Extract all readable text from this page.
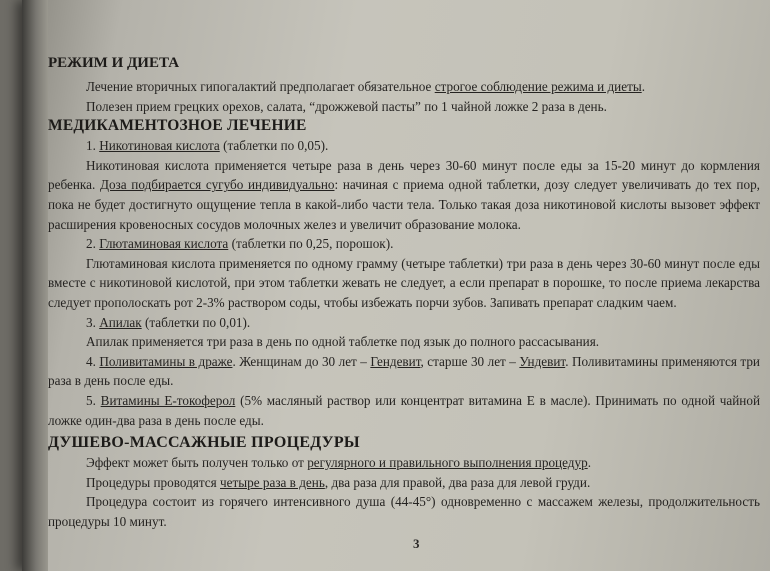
РЕЖИМ И ДИЕТА

Лечение вторичных гипогалактий предполагает обязательное строгое соблюдение режима и диеты.

Полезен прием грецких орехов, салата, “дрожжевой пасты” по 1 чайной ложке 2 раза в день.

МЕДИКАМЕНТОЗНОЕ ЛЕЧЕНИЕ

1. Никотиновая кислота (таблетки по 0,05).

Никотиновая кислота применяется четыре раза в день через 30-60 минут после еды за 15-20 минут до кормления ребенка. Доза подбирается сугубо индивидуально: начиная с приема одной таблетки, дозу следует увеличивать до тех пор, пока не будет достигнуто ощущение тепла в какой-либо части тела. Только такая доза никотиновой кислоты вызовет эффект расширения кровеносных сосудов молочных желез и увеличит образование молока.

2. Глютаминовая кислота (таблетки по 0,25, порошок).

Глютаминовая кислота применяется по одному грамму (четыре таблетки) три раза в день через 30-60 минут после еды вместе с никотиновой кислотой, при этом таблетки жевать не следует, а если препарат в порошке, то после приема лекарства следует прополоскать рот 2-3% раствором соды, чтобы избежать порчи зубов. Запивать препарат сладким чаем.

3. Апилак (таблетки по 0,01).

Апилак применяется три раза в день по одной таблетке под язык до полного рассасывания.

4. Поливитамины в драже. Женщинам до 30 лет – Гендевит, старше 30 лет – Ундевит. Поливитамины применяются три раза в день после еды.

5. Витамины Е-токоферол (5% масляный раствор или концентрат витамина Е в масле). Принимать по одной чайной ложке один-два раза в день после еды.

ДУШЕВО-МАССАЖНЫЕ ПРОЦЕДУРЫ

Эффект может быть получен только от регулярного и правильного выполнения процедур.

Процедуры проводятся четыре раза в день, два раза для правой, два раза для левой груди.

Процедура состоит из горячего интенсивного душа (44-45°) одновременно с массажем железы, продолжительность процедуры 10 минут.

3
